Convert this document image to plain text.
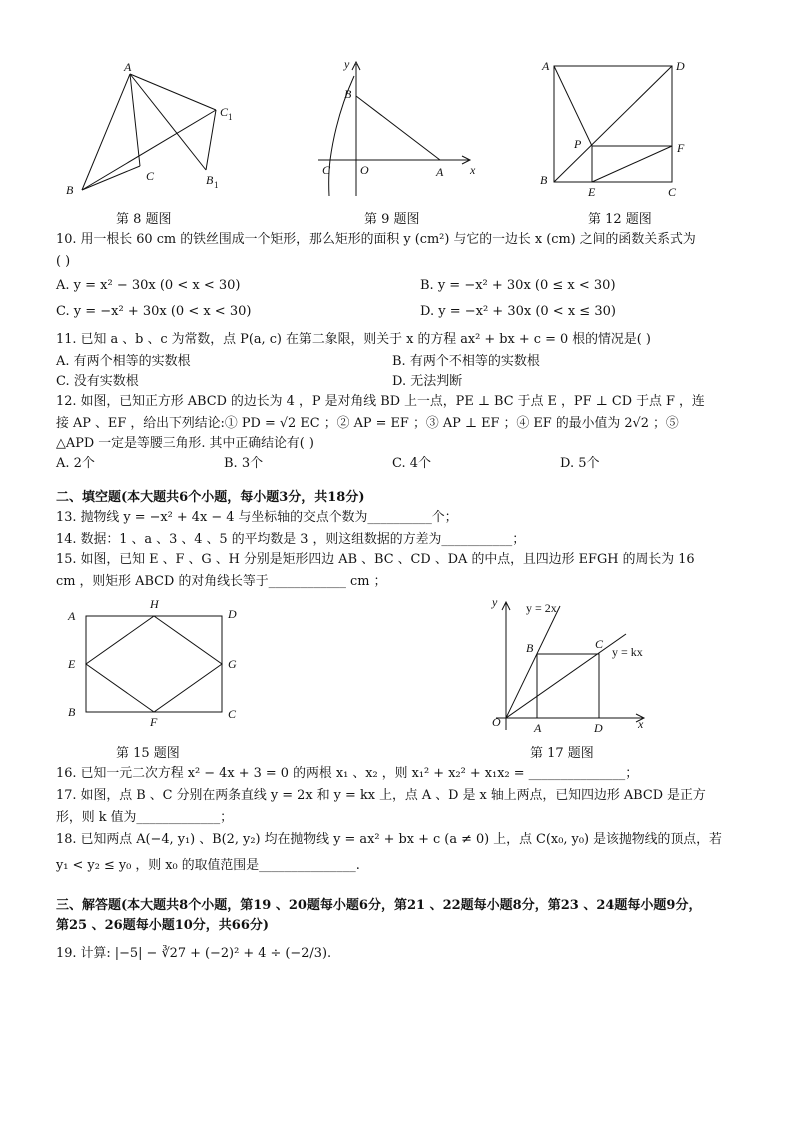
A
B
C
C 1
B 1
第 8 题图
y
B
C O	A x
第 9 题图
A	D
P	F
B
E	C
第 12 题图
10. 用一根长 60 cm 的铁丝围成一个矩形，那么矩形的面积 y (cm²) 与它的一边长 x (cm) 之间的函数关系式为
( )
A. y = x² − 30x (0 < x < 30)	B. y = −x² + 30x (0 ≤ x < 30)
C. y = −x² + 30x (0 < x < 30)	D. y = −x² + 30x (0 < x ≤ 30)
11. 已知 a 、b 、c 为常数，点 P(a, c) 在第二象限，则关于 x 的方程 ax² + bx + c = 0 根的情况是( )
A. 有两个相等的实数根	B. 有两个不相等的实数根
C. 没有实数根	D. 无法判断
12. 如图，已知正方形 ABCD 的边长为 4 ，P 是对角线 BD 上一点，PE ⊥ BC 于点 E ，PF ⊥ CD 于点 F ，连
接 AP 、EF ，给出下列结论:① PD = √2 EC ；② AP = EF ；③ AP ⊥ EF ；④ EF 的最小值为 2√2 ；⑤
△APD 一定是等腰三角形. 其中正确结论有( )
A. 2个	B. 3个	C. 4个	D. 5个
二、填空题(本大题共6个小题，每小题3分，共18分)
13. 抛物线 y = −x² + 4x − 4 与坐标轴的交点个数为__________个；
14. 数据：1 、a 、3 、4 、5 的平均数是 3 ，则这组数据的方差为___________；
15. 如图，已知 E 、F 、G 、H 分别是矩形四边 AB 、BC 、CD 、DA 的中点，且四边形 EFGH 的周长为 16
cm ，则矩形 ABCD 的对角线长等于____________ cm ；
A
H
D
E	G
B
F
C
第 15 题图
y y = 2x
B	C
y = kx
O	A	D	x
第 17 题图
16. 已知一元二次方程 x² − 4x + 3 = 0 的两根 x₁ 、x₂ ，则 x₁² + x₂² + x₁x₂ = _______________；
17. 如图，点 B 、C 分别在两条直线 y = 2x 和 y = kx 上，点 A 、D 是 x 轴上两点，已知四边形 ABCD 是正方
形，则 k 值为_____________；
18. 已知两点 A(−4, y₁) 、B(2, y₂) 均在抛物线 y = ax² + bx + c (a ≠ 0) 上，点 C(x₀, y₀) 是该抛物线的顶点，若
y₁ < y₂ ≤ y₀ ，则 x₀ 的取值范围是_______________.
三、解答题(本大题共8个小题，第19 、20题每小题6分，第21 、22题每小题8分，第23 、24题每小题9分，
第25 、26题每小题10分，共66分)
19. 计算: |−5| − ∛27 + (−2)² + 4 ÷ (−2/3).
